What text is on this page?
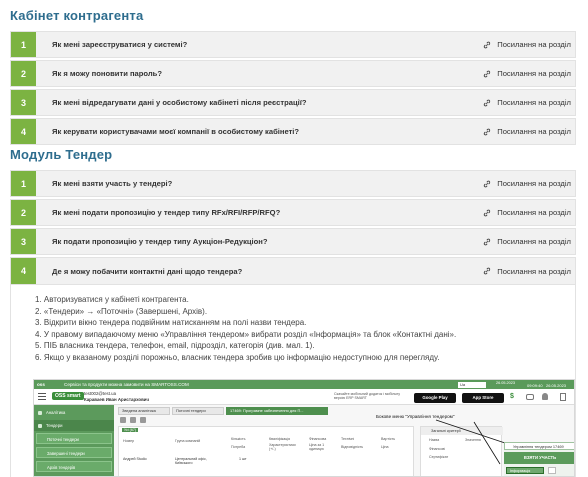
Кабінет контрагента
1	Як мені зареєструватися у системі?	Посилання на розділ
2	Як я можу поновити пароль?	Посилання на розділ
3	Як мені відредагувати дані у особистому кабінеті після реєстрації?	Посилання на розділ
4	Як керувати користувачами моєї компанії в особистому кабінеті?	Посилання на розділ
Модуль Тендер
1	Як мені взяти участь у тендері?	Посилання на розділ
2	Як мені подати пропозицію у тендер типу RFx/RFI/RFP/RFQ?	Посилання на розділ
3	Як подати пропозицію у тендер типу Аукціон-Редукціон?	Посилання на розділ
4	Де я можу побачити контактні дані щодо тендера?	Посилання на розділ
1. Авторизуватися у кабінеті контрагента.
2. «Тендери» → «Поточні» (Завершені, Архів).
3. Відкрити вікно тендера подвійним натисканням на полі назви тендера.
4. У правому випадаючому меню «Управління тендером» вибрати розділ «Інформація» та блок «Контактні дані».
5. ПІБ власника тендера, телефон, email, підрозділ, категорія (див. мал. 1).
6. Якщо у вказаному розділі порожньо, власник тендера зробив цю інформацію недоступною для перегляду.
oss	Сервіси та продукти можна замовити на SMARTOSS.COM	Ua	26.05.2023	09:09:40 26.05.2023
OSS smart test002@test.ua
Караваев Иван Аристархович
Скачайте мобільний додаток і мобільну версію ERP SMART	Google Play	App Store	$
Аналітика
Тендери
Поточні тендери
Завершені тендери
Архів тендерів
Зведена аналітика	Поточні тендери	17469: Програмне забезпечення для П...
Усі (67)
Номер	Група компаній	Кількість	Кваліфікація	Фінансова	Технічні	Вартість
Потреба	Характеристики (+/-)
Ціна за 1 одиницю	Відповідність	Ціна
Андрей Studio	Центральний офіс, Київського
1 шт
Загальні критерії
Назва	Значення
Фінансові
Сертифікат
Бокове меню "Управління тендером"
Управління тендером 17469
ВЗЯТИ УЧАСТЬ
Інформація
